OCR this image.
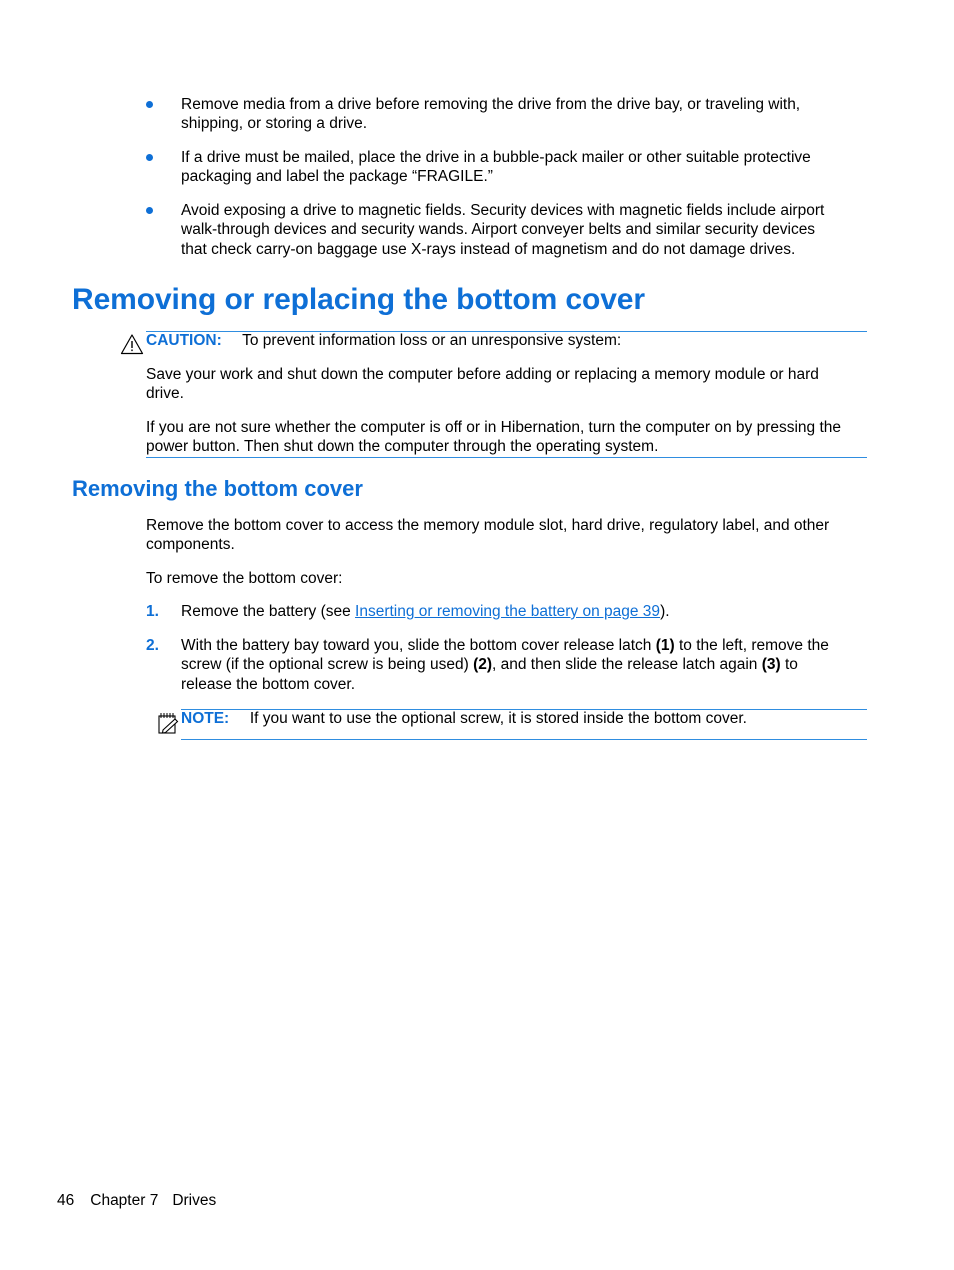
Remove media from a drive before removing the drive from the drive bay, or traveling with,

shipping, or storing a drive.

If a drive must be mailed, place the drive in a bubble-pack mailer or other suitable protective

packaging and label the package “FRAGILE.”

Avoid exposing a drive to magnetic fields. Security devices with magnetic fields include airport

walk-through devices and security wands. Airport conveyer belts and similar security devices

that check carry-on baggage use X-rays instead of magnetism and do not damage drives.

Removing or replacing the bottom cover
CAUTION: To prevent information loss or an unresponsive system:

Save your work and shut down the computer before adding or replacing a memory module or hard

drive.

If you are not sure whether the computer is off or in Hibernation, turn the computer on by pressing the

power button. Then shut down the computer through the operating system.

Removing the bottom cover

Remove the bottom cover to access the memory module slot, hard drive, regulatory label, and other

components.

To remove the bottom cover:

1. Remove the battery (see Inserting or removing the battery on page 39).

2. With the battery bay toward you, slide the bottom cover release latch (1) to the left, remove the

screw (if the optional screw is being used) (2), and then slide the release latch again (3) to

release the bottom cover.

NOTE: If you want to use the optional screw, it is stored inside the bottom cover.
46 Chapter 7 Drives
